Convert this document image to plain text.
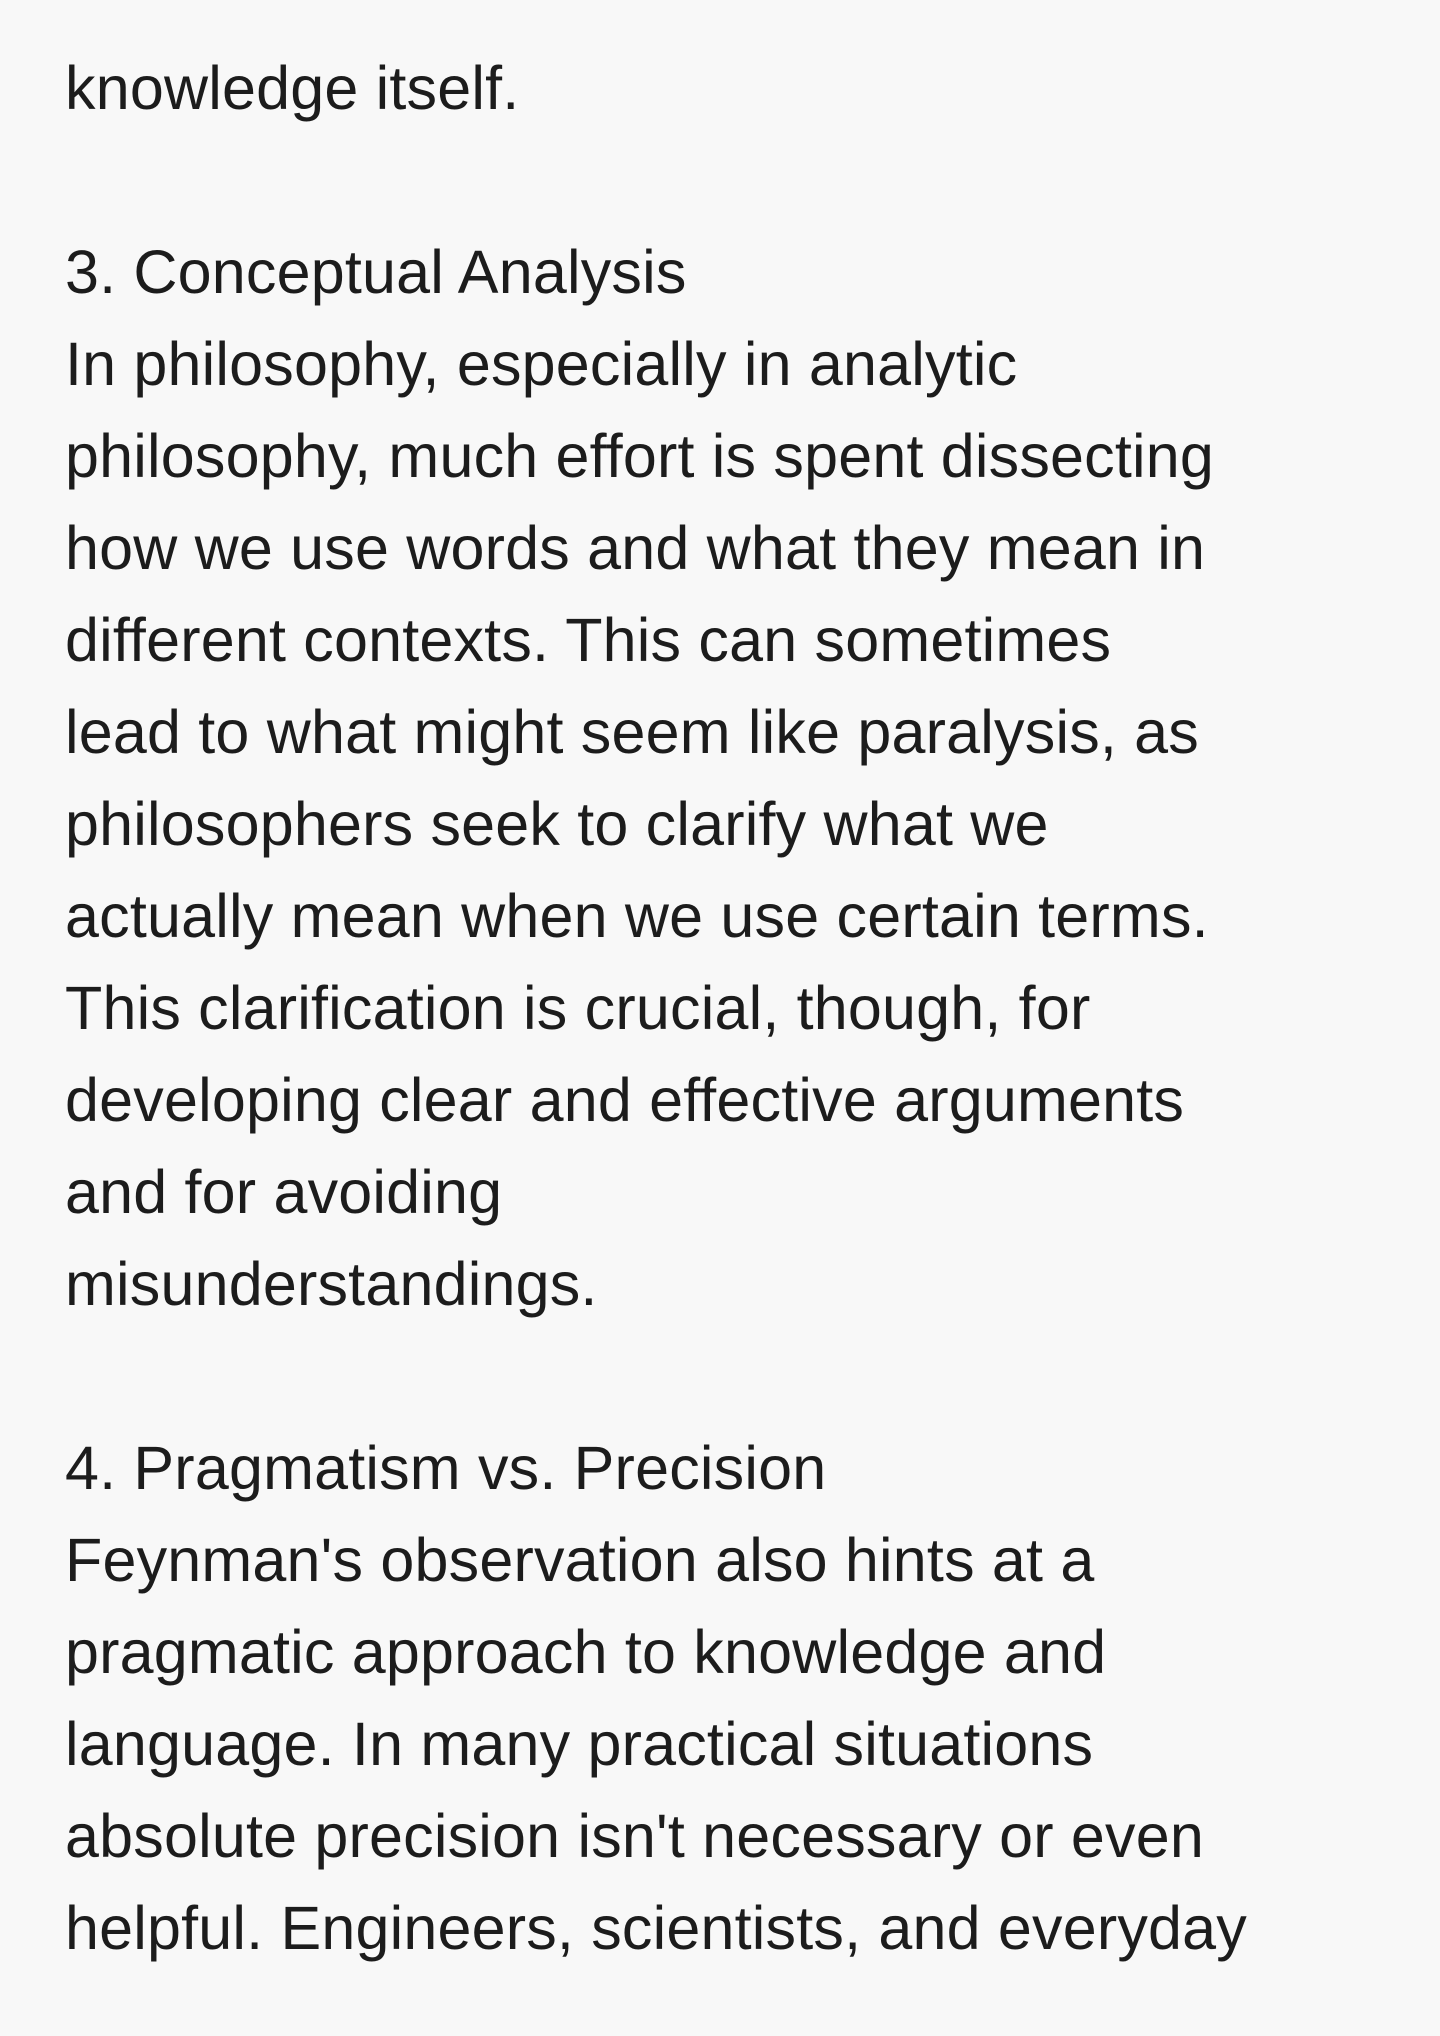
knowledge itself.
3. Conceptual Analysis
In philosophy, especially in analytic
philosophy, much effort is spent dissecting
how we use words and what they mean in
different contexts. This can sometimes
lead to what might seem like paralysis, as
philosophers seek to clarify what we
actually mean when we use certain terms.
This clarification is crucial, though, for
developing clear and effective arguments
and for avoiding
misunderstandings.
4. Pragmatism vs. Precision
Feynman's observation also hints at a
pragmatic approach to knowledge and
language. In many practical situations
absolute precision isn't necessary or even
helpful. Engineers, scientists, and everyday
